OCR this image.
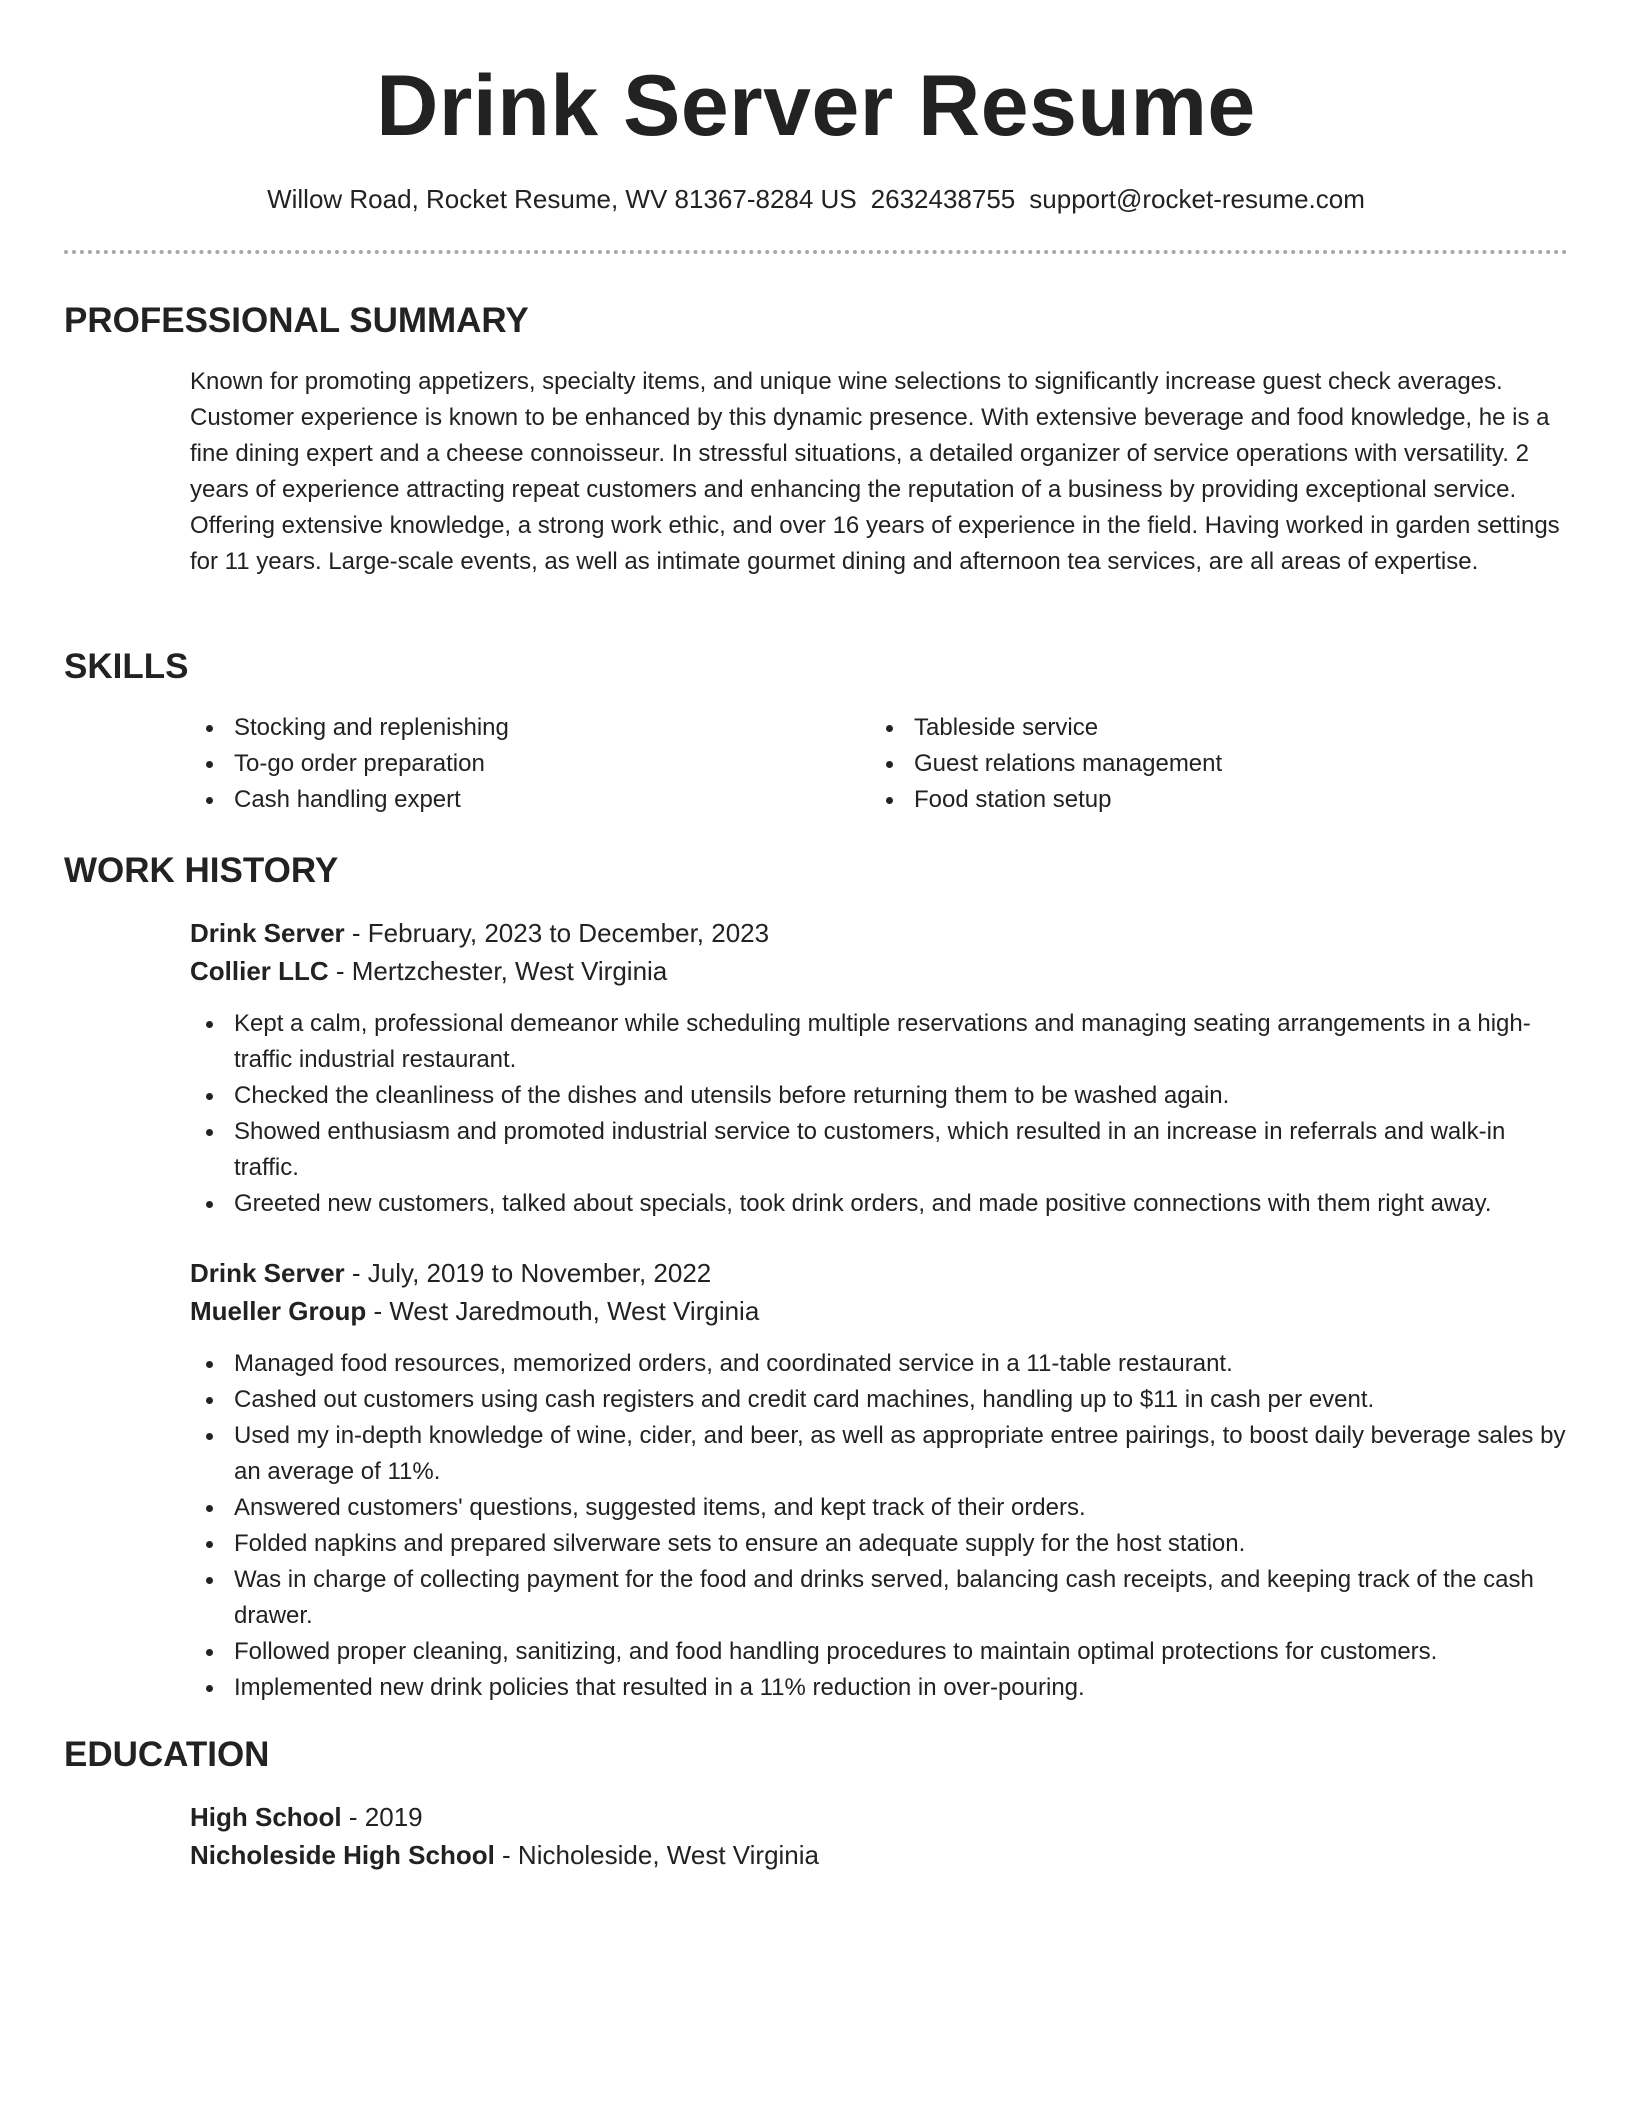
Drink Server Resume
Willow Road, Rocket Resume, WV 81367-8284 US 2632438755 support@rocket-resume.com
PROFESSIONAL SUMMARY

Known for promoting appetizers, specialty items, and unique wine selections to significantly increase guest check averages. Customer experience is known to be enhanced by this dynamic presence. With extensive beverage and food knowledge, he is a fine dining expert and a cheese connoisseur. In stressful situations, a detailed organizer of service operations with versatility. 2 years of experience attracting repeat customers and enhancing the reputation of a business by providing exceptional service. Offering extensive knowledge, a strong work ethic, and over 16 years of experience in the field. Having worked in garden settings for 11 years. Large-scale events, as well as intimate gourmet dining and afternoon tea services, are all areas of expertise.

SKILLS
Stocking and replenishing
To-go order preparation
Cash handling expert
Tableside service
Guest relations management
Food station setup
WORK HISTORY
Drink Server - February, 2023 to December, 2023
Collier LLC - Mertzchester, West Virginia
Kept a calm, professional demeanor while scheduling multiple reservations and managing seating arrangements in a high-traffic industrial restaurant.
Checked the cleanliness of the dishes and utensils before returning them to be washed again.
Showed enthusiasm and promoted industrial service to customers, which resulted in an increase in referrals and walk-in traffic.
Greeted new customers, talked about specials, took drink orders, and made positive connections with them right away.
Drink Server - July, 2019 to November, 2022
Mueller Group - West Jaredmouth, West Virginia
Managed food resources, memorized orders, and coordinated service in a 11-table restaurant.
Cashed out customers using cash registers and credit card machines, handling up to $11 in cash per event.
Used my in-depth knowledge of wine, cider, and beer, as well as appropriate entree pairings, to boost daily beverage sales by an average of 11%.
Answered customers' questions, suggested items, and kept track of their orders.
Folded napkins and prepared silverware sets to ensure an adequate supply for the host station.
Was in charge of collecting payment for the food and drinks served, balancing cash receipts, and keeping track of the cash drawer.
Followed proper cleaning, sanitizing, and food handling procedures to maintain optimal protections for customers.
Implemented new drink policies that resulted in a 11% reduction in over-pouring.
EDUCATION
High School - 2019
Nicholeside High School - Nicholeside, West Virginia
